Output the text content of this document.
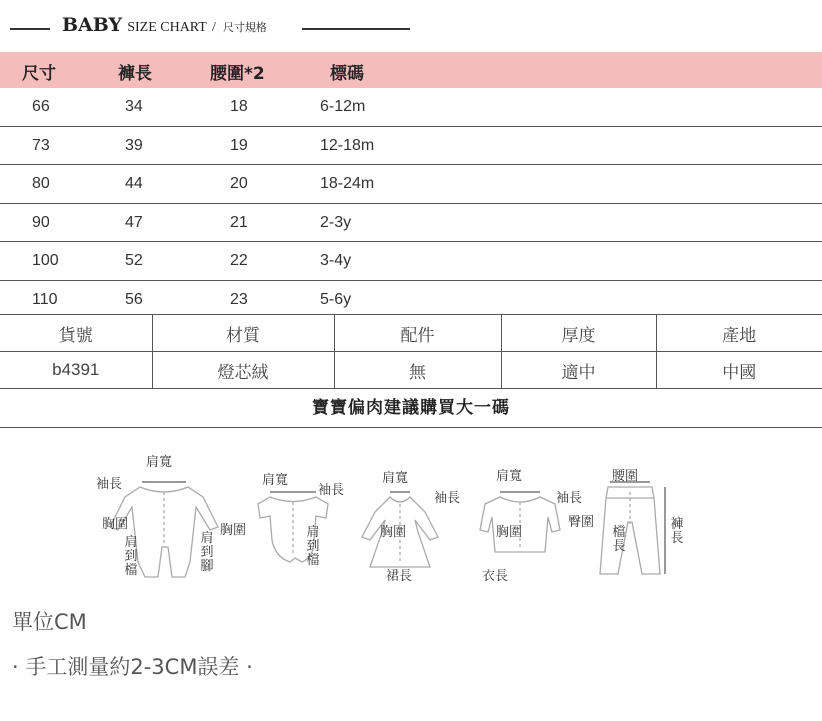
BABY SIZE CHART / 尺寸規格
尺寸	褲長	腰圍*2	標碼
66	34	18	6-12m
73	39	19	12-18m
80	44	20	18-24m
90	47	21	2-3y
100	52	22	3-4y
110	56	23	5-6y
貨號	材質	配件	厚度	產地
b4391	燈芯絨	無	適中	中國
寶寶偏肉建議購買大一碼
肩寬
袖長
胸圍
肩到檔
肩到腳
肩寬
袖長
胸圍	肩到檔
肩寬
袖長
胸圍
裙長
肩寬
袖長
胸圍
衣長
腰圍
臀圍
檔長
褲長
單位CM
· 手工測量約2-3CM誤差 ·
